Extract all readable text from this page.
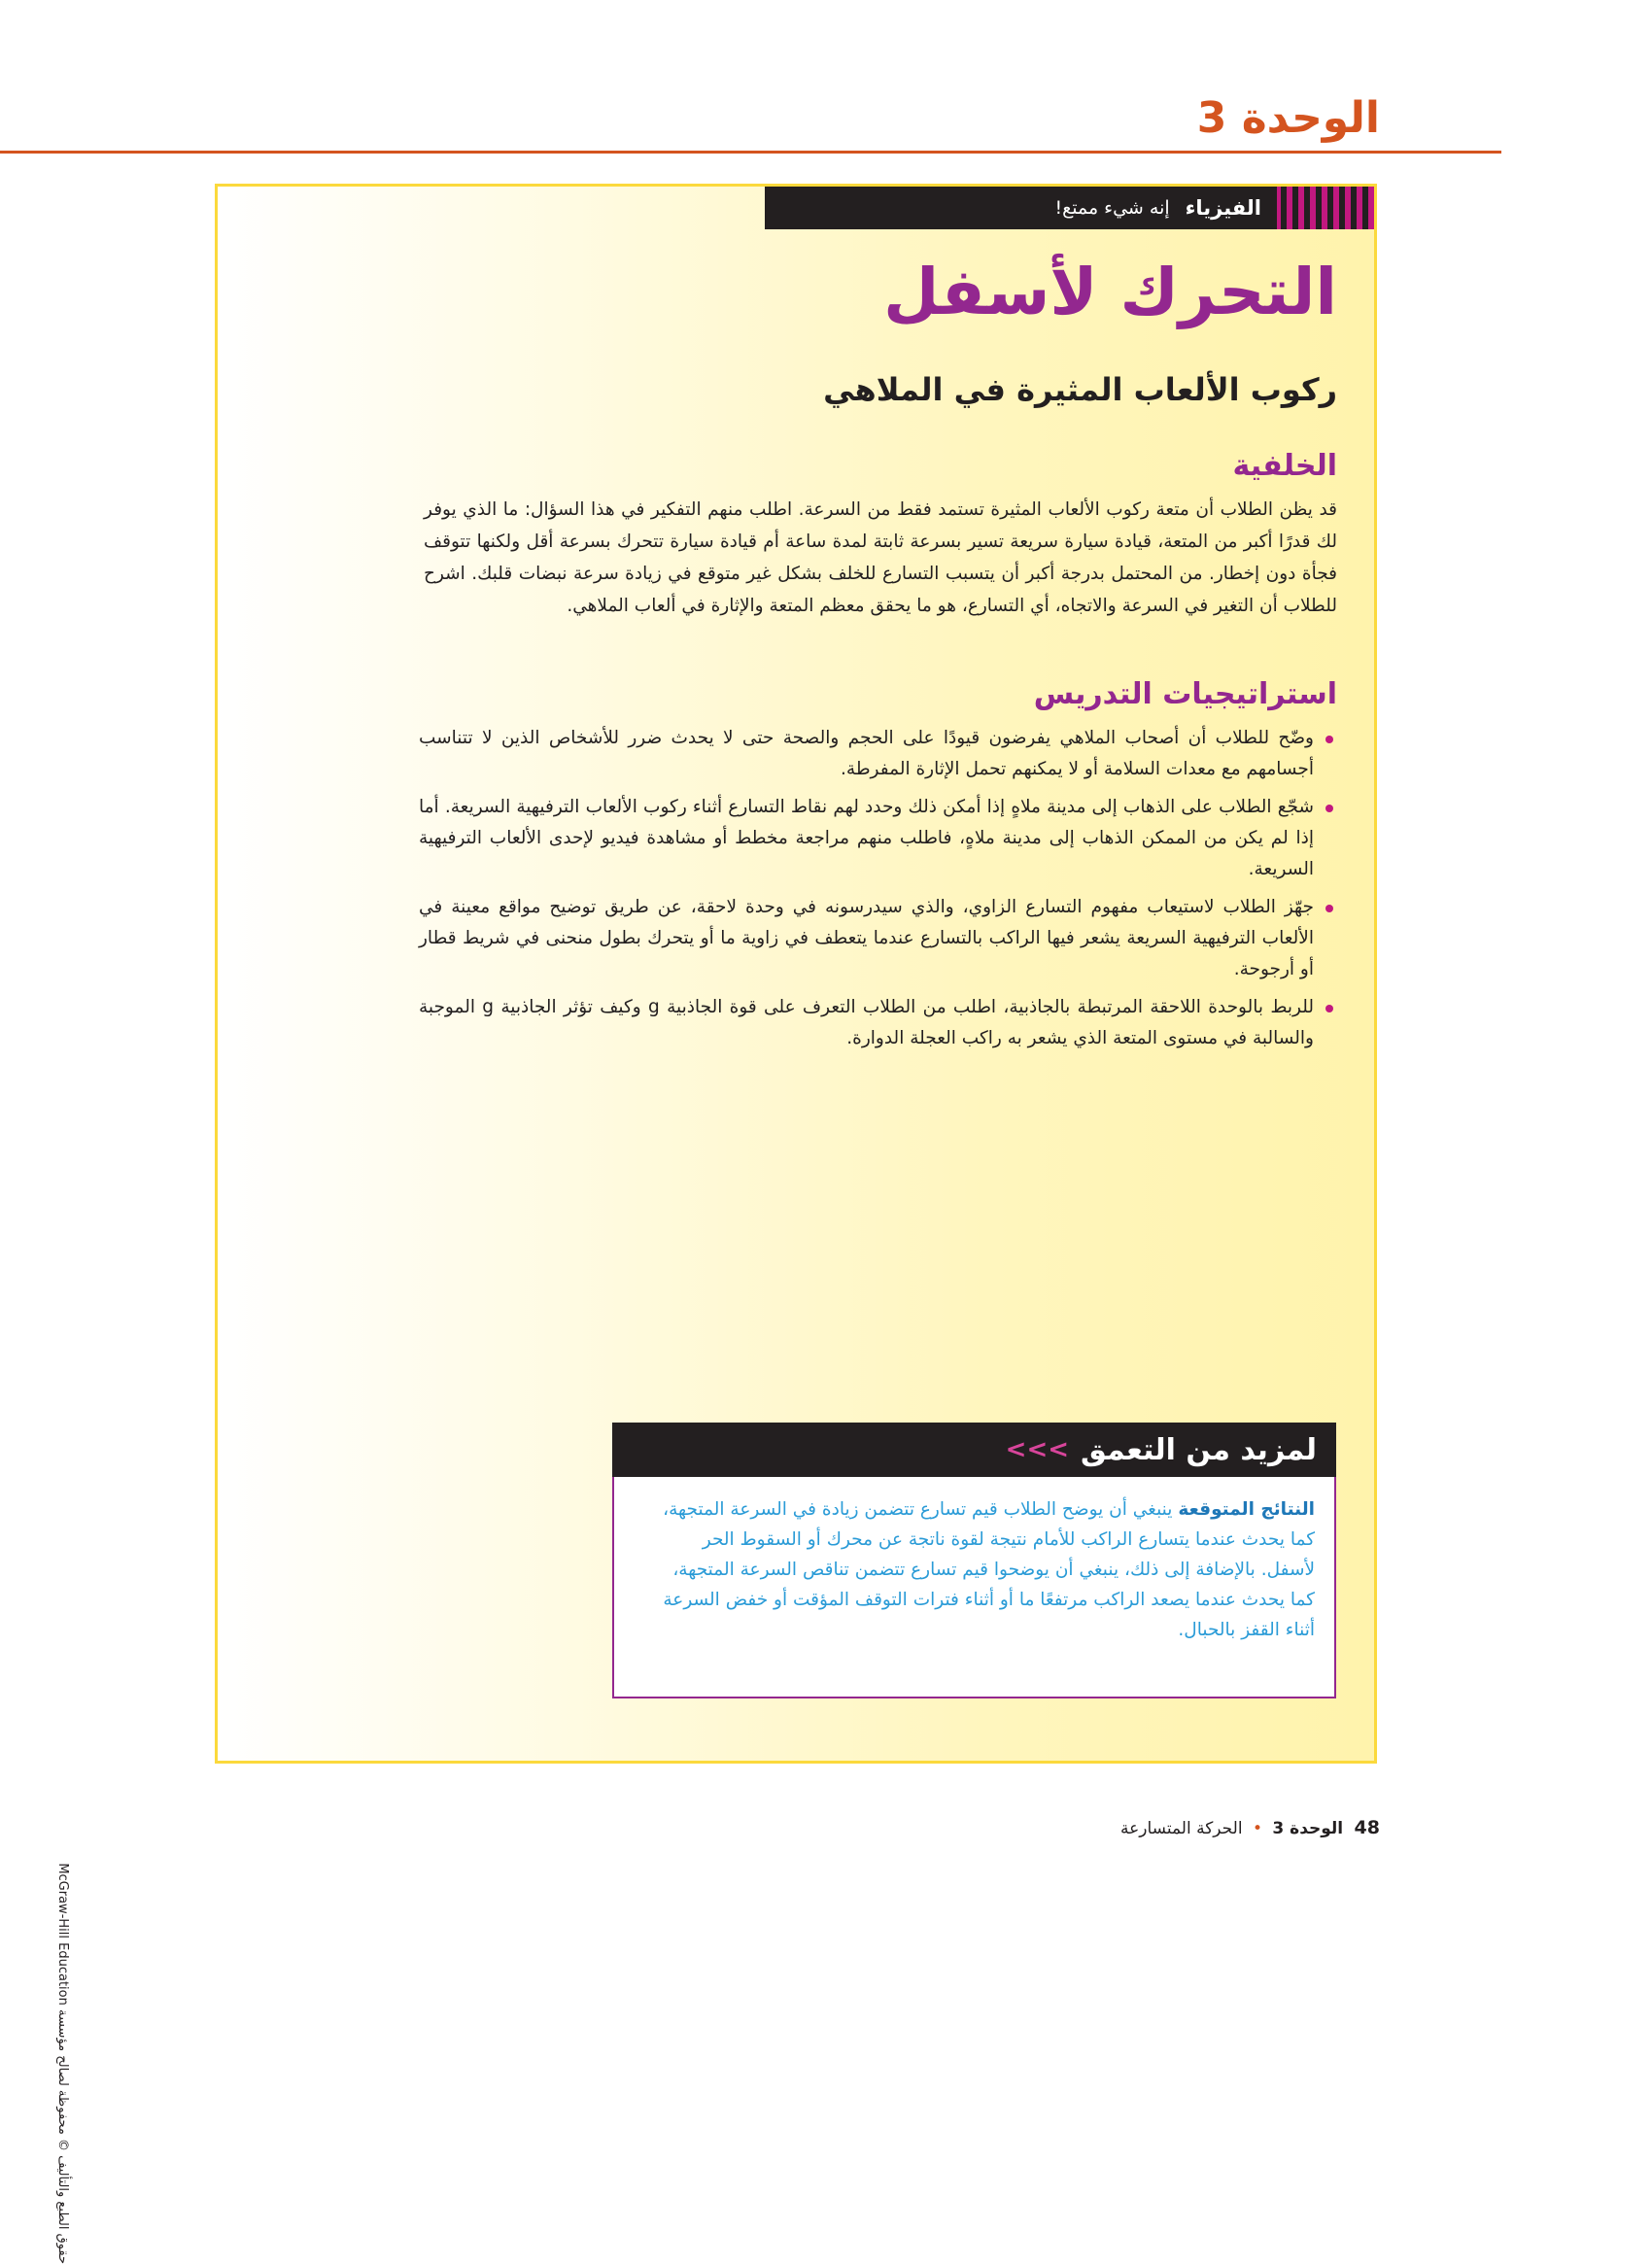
الوحدة 3
الفيزياء
إنه شيء ممتع!
التحرك لأسفل
ركوب الألعاب المثيرة في الملاهي
الخلفية

قد يظن الطلاب أن متعة ركوب الألعاب المثيرة تستمد فقط من السرعة. اطلب منهم التفكير في هذا السؤال: ما الذي يوفر لك قدرًا أكبر من المتعة، قيادة سيارة سريعة تسير بسرعة ثابتة لمدة ساعة أم قيادة سيارة تتحرك بسرعة أقل ولكنها تتوقف فجأة دون إخطار. من المحتمل بدرجة أكبر أن يتسبب التسارع للخلف بشكل غير متوقع في زيادة سرعة نبضات قلبك. اشرح للطلاب أن التغير في السرعة والاتجاه، أي التسارع، هو ما يحقق معظم المتعة والإثارة في ألعاب الملاهي.

استراتيجيات التدريس
وضّح للطلاب أن أصحاب الملاهي يفرضون قيودًا على الحجم والصحة حتى لا يحدث ضرر للأشخاص الذين لا تتناسب أجسامهم مع معدات السلامة أو لا يمكنهم تحمل الإثارة المفرطة.
شجّع الطلاب على الذهاب إلى مدينة ملاهٍ إذا أمكن ذلك وحدد لهم نقاط التسارع أثناء ركوب الألعاب الترفيهية السريعة. أما إذا لم يكن من الممكن الذهاب إلى مدينة ملاهٍ، فاطلب منهم مراجعة مخطط أو مشاهدة فيديو لإحدى الألعاب الترفيهية السريعة.
جهّز الطلاب لاستيعاب مفهوم التسارع الزاوي، والذي سيدرسونه في وحدة لاحقة، عن طريق توضيح مواقع معينة في الألعاب الترفيهية السريعة يشعر فيها الراكب بالتسارع عندما يتعطف في زاوية ما أو يتحرك بطول منحنى في شريط قطار أو أرجوحة.
للربط بالوحدة اللاحقة المرتبطة بالجاذبية، اطلب من الطلاب التعرف على قوة الجاذبية g وكيف تؤثر الجاذبية g الموجبة والسالبة في مستوى المتعة الذي يشعر به راكب العجلة الدوارة.
لمزيد من التعمق
>>>

النتائج المتوقعة ينبغي أن يوضح الطلاب قيم تسارع تتضمن زيادة في السرعة المتجهة، كما يحدث عندما يتسارع الراكب للأمام نتيجة لقوة ناتجة عن محرك أو السقوط الحر لأسفل. بالإضافة إلى ذلك، ينبغي أن يوضحوا قيم تسارع تتضمن تناقص السرعة المتجهة، كما يحدث عندما يصعد الراكب مرتفعًا ما أو أثناء فترات التوقف المؤقت أو خفض السرعة أثناء القفز بالحبال.

McGraw-Hill Education حقوق الطبع والتأليف © محفوظة لصالح مؤسسة
48 الوحدة 3 • الحركة المتسارعة
